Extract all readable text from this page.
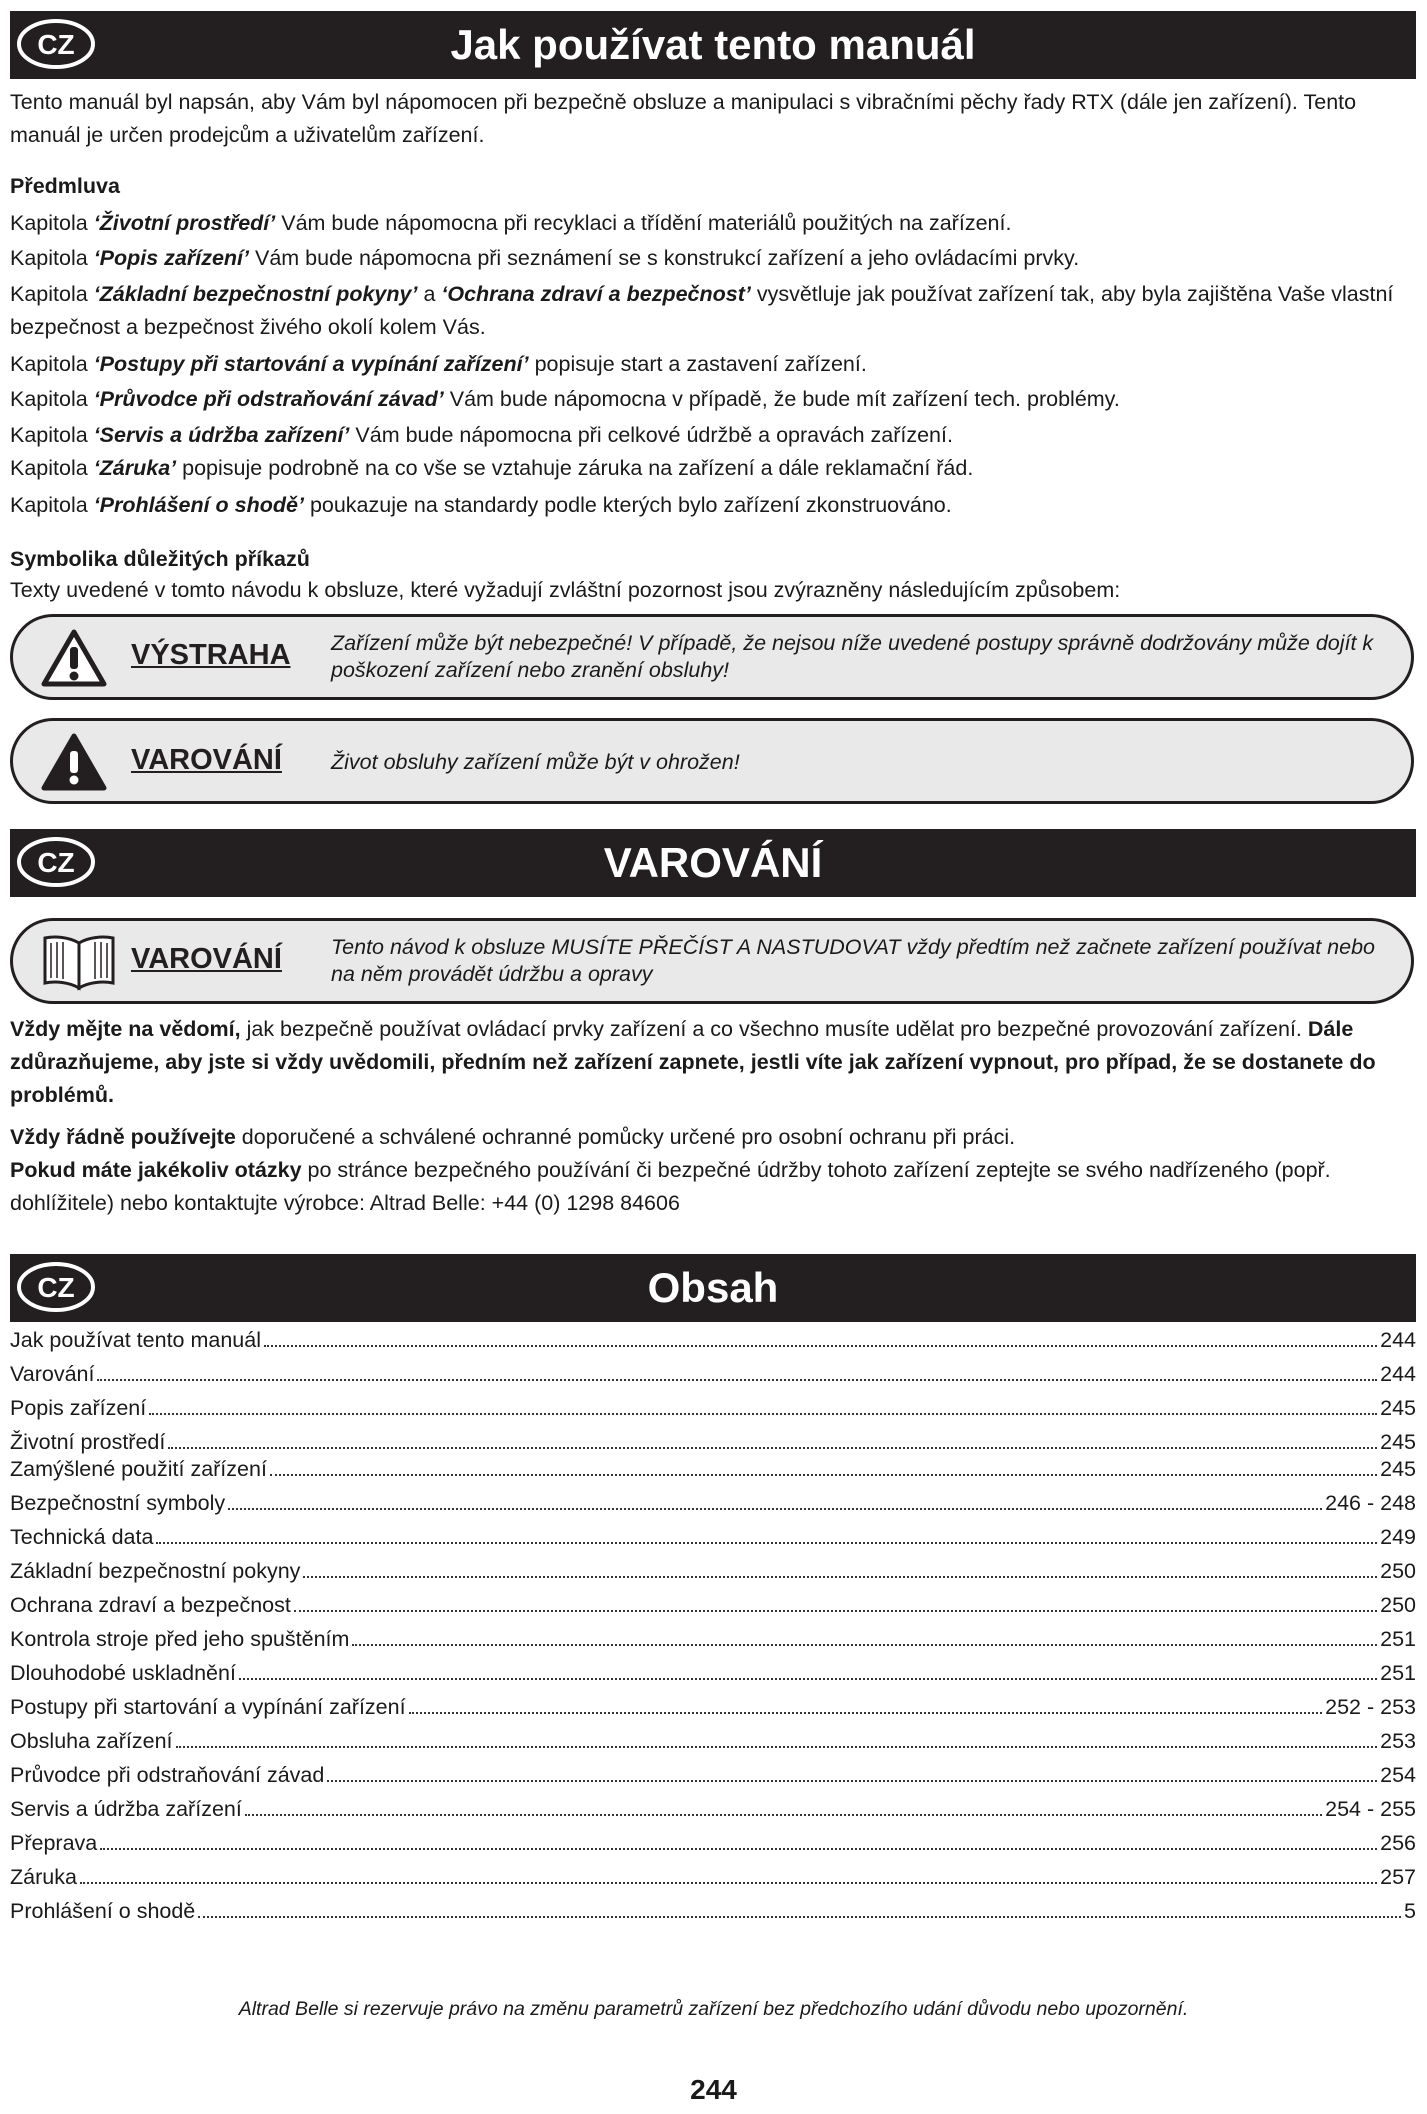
CZ	Jak používat tento manuál

Tento manuál byl napsán, aby Vám byl nápomocen při bezpečně obsluze a manipulaci s vibračními pěchy řady RTX (dále jen zařízení). Tento manuál je určen prodejcům a uživatelům zařízení.

Předmluva

Kapitola ‘Životní prostředí’ Vám bude nápomocna při recyklaci a třídění materiálů použitých na zařízení.

Kapitola ‘Popis zařízení’ Vám bude nápomocna při seznámení se s konstrukcí zařízení a jeho ovládacími prvky.

Kapitola ‘Základní bezpečnostní pokyny’ a ‘Ochrana zdraví a bezpečnost’ vysvětluje jak používat zařízení tak, aby byla zajištěna Vaše vlastní bezpečnost a bezpečnost živého okolí kolem Vás.

Kapitola ‘Postupy při startování a vypínání zařízení’ popisuje start a zastavení zařízení.

Kapitola ‘Průvodce při odstraňování závad’ Vám bude nápomocna v případě, že bude mít zařízení tech. problémy.

Kapitola ‘Servis a údržba zařízení’ Vám bude nápomocna při celkové údržbě a opravách zařízení.

Kapitola ‘Záruka’ popisuje podrobně na co vše se vztahuje záruka na zařízení a dále reklamační řád.

Kapitola ‘Prohlášení o shodě’ poukazuje na standardy podle kterých bylo zařízení zkonstruováno.

Symbolika důležitých příkazů

Texty uvedené v tomto návodu k obsluze, které vyžadují zvláštní pozornost jsou zvýrazněny následujícím způsobem:

VÝSTRAHA Zařízení může být nebezpečné! V případě, že nejsou níže uvedené postupy správně dodržovány může dojít k poškození zařízení nebo zranění obsluhy!
VAROVÁNÍ Život obsluhy zařízení může být v ohrožen!
CZ	VAROVÁNÍ
VAROVÁNÍ Tento návod k obsluze MUSÍTE PŘEČÍST A NASTUDOVAT vždy předtím než začnete zařízení používat nebo na něm provádět údržbu a opravy

Vždy mějte na vědomí, jak bezpečně používat ovládací prvky zařízení a co všechno musíte udělat pro bezpečné provozování zařízení. Dále zdůrazňujeme, aby jste si vždy uvědomili, předním než zařízení zapnete, jestli víte jak zařízení vypnout, pro případ, že se dostanete do problémů.

Vždy řádně používejte doporučené a schválené ochranné pomůcky určené pro osobní ochranu při práci.

Pokud máte jakékoliv otázky po stránce bezpečného používání či bezpečné údržby tohoto zařízení zeptejte se svého nadřízeného (popř. dohlížitele) nebo kontaktujte výrobce: Altrad Belle: +44 (0) 1298 84606

CZ	Obsah
Jak používat tento manuál	244
Varování	244
Popis zařízení	245
Životní prostředí	245
Zamýšlené použití zařízení	245
Bezpečnostní symboly	246 - 248
Technická data	249
Základní bezpečnostní pokyny	250
Ochrana zdraví a bezpečnost	250
Kontrola stroje před jeho spuštěním	251
Dlouhodobé uskladnění	251
Postupy při startování a vypínání zařízení	252 - 253
Obsluha zařízení	253
Průvodce při odstraňování závad	254
Servis a údržba zařízení	254 - 255
Přeprava	256
Záruka	257
Prohlášení o shodě	5
Altrad Belle si rezervuje právo na změnu parametrů zařízení bez předchozího udání důvodu nebo upozornění.
244
